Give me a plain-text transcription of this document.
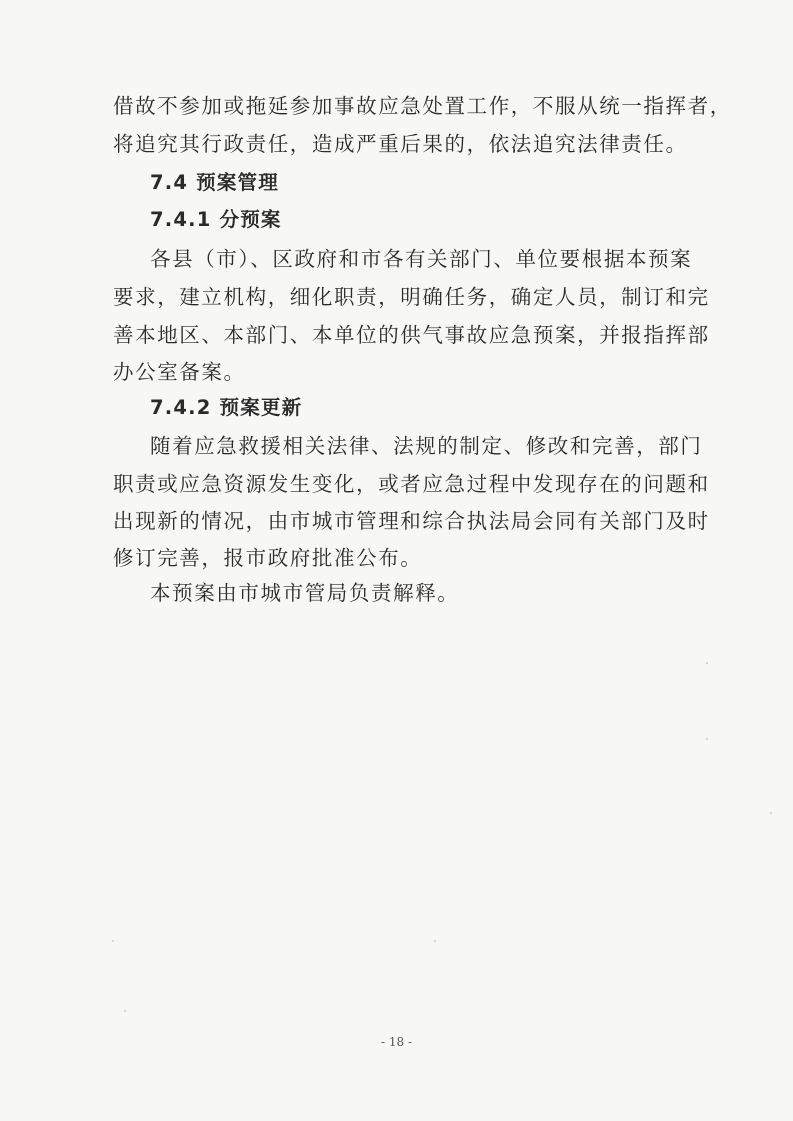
借故不参加或拖延参加事故应急处置工作，不服从统一指挥者，
将追究其行政责任，造成严重后果的，依法追究法律责任。
7.4 预案管理
7.4.1 分预案
各县（市）、区政府和市各有关部门、单位要根据本预案
要求，建立机构，细化职责，明确任务，确定人员，制订和完
善本地区、本部门、本单位的供气事故应急预案，并报指挥部
办公室备案。
7.4.2 预案更新
随着应急救援相关法律、法规的制定、修改和完善，部门
职责或应急资源发生变化，或者应急过程中发现存在的问题和
出现新的情况，由市城市管理和综合执法局会同有关部门及时
修订完善，报市政府批准公布。
本预案由市城市管局负责解释。
- 18 -
